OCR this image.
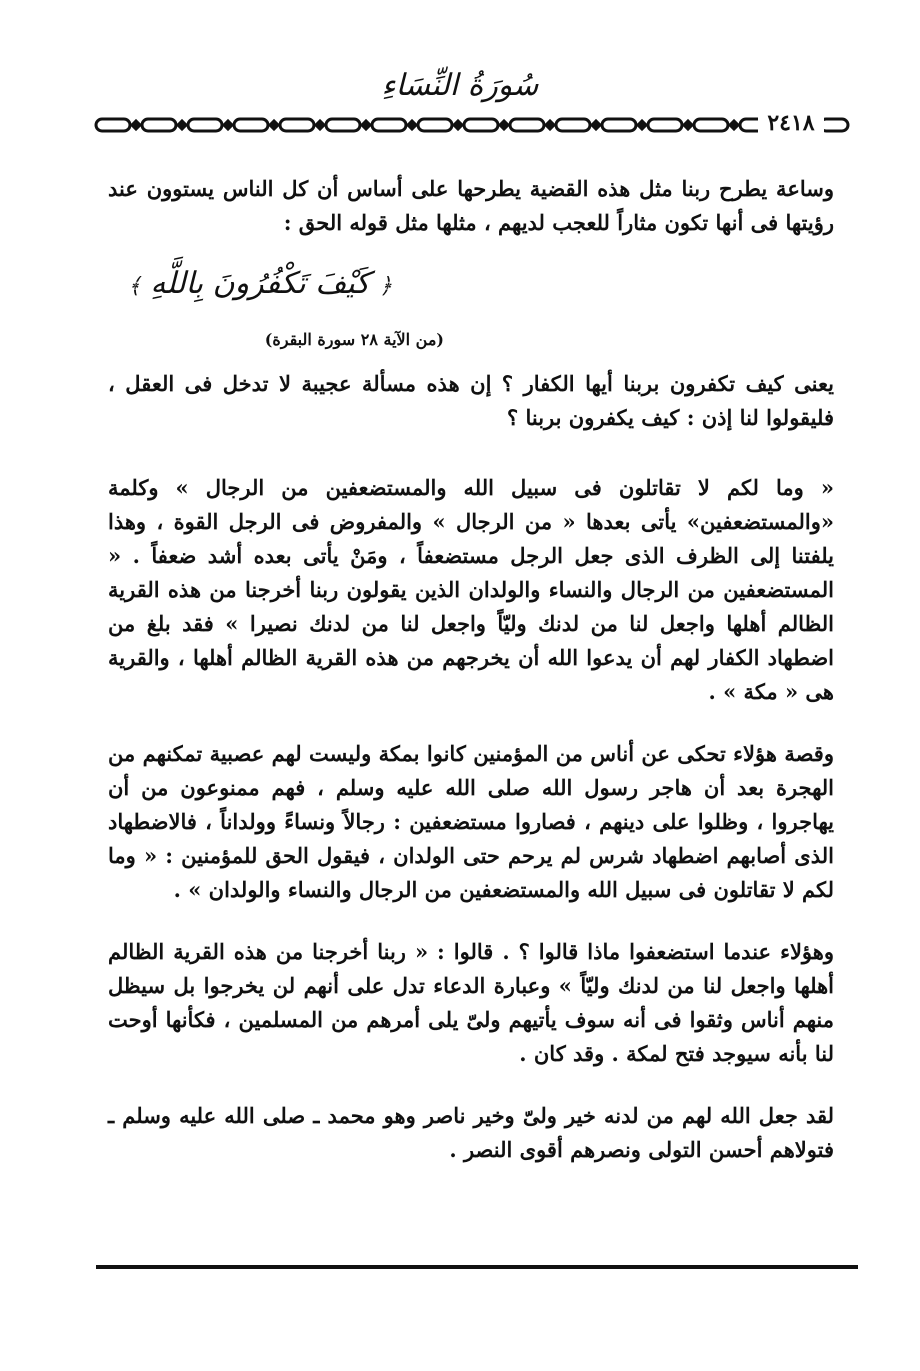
سُورَةُ النِّسَاءِ
٢٤١٨

وساعة يطرح ربنا مثل هذه القضية يطرحها على أساس أن كل الناس يستوون عند رؤيتها فى أنها تكون مثاراً للعجب لديهم ، مثلها مثل قوله الحق :

﴿ كَيْفَ تَكْفُرُونَ بِاللَّهِ ﴾

(من الآية ٢٨ سورة البقرة)

يعنى كيف تكفرون بربنا أيها الكفار ؟ إن هذه مسألة عجيبة لا تدخل فى العقل ، فليقولوا لنا إذن : كيف يكفرون بربنا ؟

« وما لكم لا تقاتلون فى سبيل الله والمستضعفين من الرجال » وكلمة «والمستضعفين» يأتى بعدها « من الرجال » والمفروض فى الرجل القوة ، وهذا يلفتنا إلى الظرف الذى جعل الرجل مستضعفاً ، ومَنْ يأتى بعده أشد ضعفاً . « المستضعفين من الرجال والنساء والولدان الذين يقولون ربنا أخرجنا من هذه القرية الظالم أهلها واجعل لنا من لدنك وليّاً واجعل لنا من لدنك نصيرا » فقد بلغ من اضطهاد الكفار لهم أن يدعوا الله أن يخرجهم من هذه القرية الظالم أهلها ، والقرية هى « مكة » .

وقصة هؤلاء تحكى عن أناس من المؤمنين كانوا بمكة وليست لهم عصبية تمكنهم من الهجرة بعد أن هاجر رسول الله صلى الله عليه وسلم ، فهم ممنوعون من أن يهاجروا ، وظلوا على دينهم ، فصاروا مستضعفين : رجالاً ونساءً وولداناً ، فالاضطهاد الذى أصابهم اضطهاد شرس لم يرحم حتى الولدان ، فيقول الحق للمؤمنين : « وما لكم لا تقاتلون فى سبيل الله والمستضعفين من الرجال والنساء والولدان » .

وهؤلاء عندما استضعفوا ماذا قالوا ؟ . قالوا : « ربنا أخرجنا من هذه القرية الظالم أهلها واجعل لنا من لدنك وليّاً » وعبارة الدعاء تدل على أنهم لن يخرجوا بل سيظل منهم أناس وثقوا فى أنه سوف يأتيهم ولىّ يلى أمرهم من المسلمين ، فكأنها أوحت لنا بأنه سيوجد فتح لمكة . وقد كان .

لقد جعل الله لهم من لدنه خير ولىّ وخير ناصر وهو محمد ـ صلى الله عليه وسلم ـ فتولاهم أحسن التولى ونصرهم أقوى النصر .
